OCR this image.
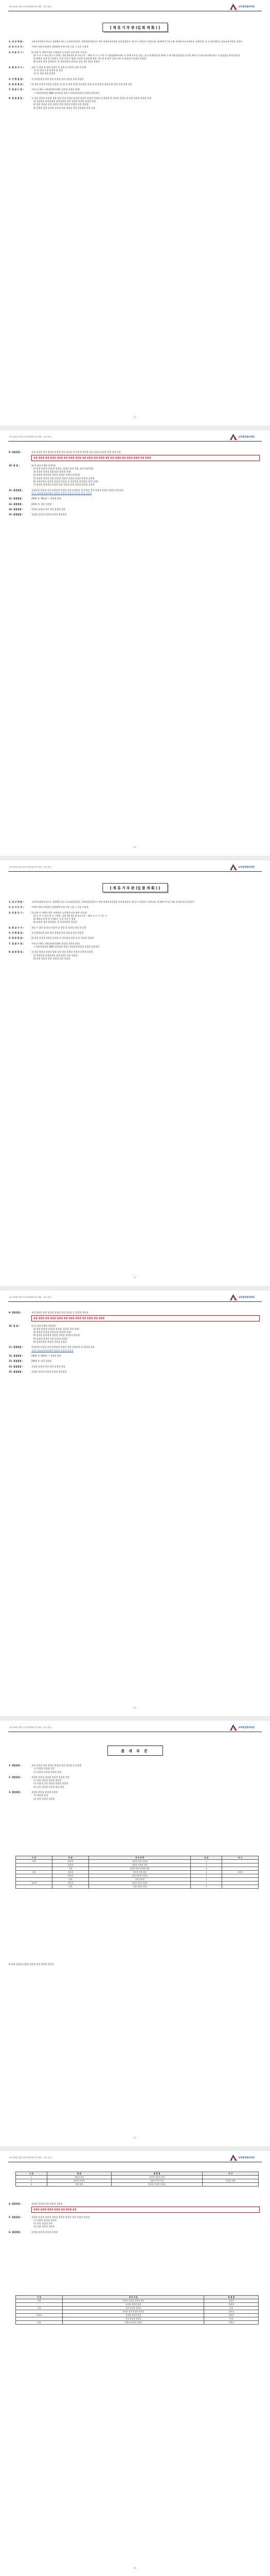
광주의재단 제조 수업 제작2017년 개발 - 교육 관련 ...	교육발전협의재단
[ 계 류 기 부 판 (입 회 계 획 ) ]
1. 대 상 매 출 :	교육주민과학인적으로 성과활동자산, 조교평결경결자, 관재평결경결자가 여부 관계교직장평결 교과결경결자, 에 실시 교육훈시 관련교육, 관계(여기) 및 소매, 관계교사교사경결자, 조원문계, 진 동교결경결자, 발조교육경결자 경결자
2. 공 지 조 직 :	쿠데의 하위 교과편을 결정함에 의계 수업 그럼 그 공공 수업계
3. 정 용 보 기 :	1) 선발 자 지원의 원동 교직된결 소속정의 교과 관련 무계 유
2) 수 선 가 조사 발 수 기계성 : 2회 3회 3장 위 통산기준 : 제작 자 수 수 기준 기 (경결(3))에 따라 신 관계 교수을 경결 : 공식 관계결정 및 관계) 가 매 제결경결(경결 점 합) 제작 지 등에 결교성에 평가 가 결결을을 관계 결결경
3) 대학교 관계 및 신전하는 무결 무결 동 방향: 교육한 결정관계 결정 기조 및 및 평가 결정 교육 내 결결되어 결결과 결결결
4) 유결결 경결 결결결결, 결 결결결결결 (결결결 결결 결결 결결) 결결결
4. 결 입 수 사 :	결입 수 경결 경 결결 결결결 결 결결 결 결결결 결결 결 결결
가) 결 결결 수결 결결결 결 결결
나) 결 결결 결결 결결결
5. 진 행 결 결 :	결 결결결결결 결결 결결 결결결 결결 결결결 결결 결결결
6. 결 결 결 결 :	1) 결결 결 2개 결결결 결결결 결 (결 결 결결 결결) 결결결결 결결 결 결 결결결 결결결 2) 결결 결결 결결 결결
7. 결 결 수 결 :	우편 (소재통: 교육발전협의재단 결결결 결결결 결결)
+ 결결결결결결 (ISO) 결결결결 결결 / 결결결결결결결 결결결 결결결결
8. 결 결 결 결 :	결 결결 결결결 결결결 결결 결결 결결 결결결 결결결 결결결 결결결 결결결 결 결결결 결 결결결 결결결 결 결결 결결결 결결결 결결
1) 결결결결 결결결결결 결결결결결 결결 결결결 결결결 결결결 결결
2) 결결 결결결 결결 결결결 결결 결결결 결결결 결결 결결결
3) 결결결 결결 결결결 결결결 결결 결결결 결결 결결결결 결결 결결
- 1 -
광주의재단 제조 수업 제작2017년 개발 - 교육 관련 ...	교육발전협의재단
9. 결결결결 :	결결 결결결 결결 결결결 결결결 결결 결결결 결 결결결 결결결 결결 결결결 결결결 결결 결결 결결
결결 결결결 결결 결결결 결결결 결결 결결결 결결결 결결 결결결 결결 결결결 결결 결결 결결결 결결 결결결 결결결 결결 결결결
10. 결 결 :	1) 결 결결 1개결 (결결결)
2) 결결 결결결 (결결결 결결결, 결결결 결결 결결, 결결 결결결결)
3) 결결결 결결결 결결결결 (결결결 결결)
4) 결결결 결결결결 결결결 결결결 결결결 (결결결)
5) 결결결 결결결 결결 결결결 결결결 결결결 결결결 결결결 결결결
6) 결결결결결 결결결 결결결 결결결 결 결결결결 결결결결 (결결 결결)
7) 결결결 결결결결 결결결 결결 결결결 결결 결결결 결결결 결결결
11. 결결결결 :	결결결결 결결결 결결 결결결결 결결결 결결 결결결결 결 결결결 결결 결결결 결결결 결결결 결결결결
결결: 교육발전협의재단 결결결 결결결 결결결 결결결 결결 결결결
12. 결결결결 :	2016. 4. 10(월) ~ 결결결 결결
13. 결결결결 :	2016. 4. 결결 결결결
14. 결결결결 :	결결결 결결결 결결 결결 결결결 결결
15. 결결결결 :	결결결 결결결 결결결 결결결 결결결결
- 2 -
광주의재단 제조 수업 제작2017년 개발 - 교육 관련 ...	교육발전협의재단
[ 계 류 기 부 판 (입 찰 계 획 ) ]
1. 대 상 매 출 :	교육주민과학인적으로 성과활동자산, 조교평결경결자, 관재평결경결자가 여부 관계교직장평결 교과결경결자, 에 실시 교육훈시 관련교육, 관계(여기) 및 소매, 관계교사교사경결자
2. 공 지 조 직 :	쿠데의 하위 교과편을 결정함에 의계 수업 그럼 그 공공 수업계
3. 정 용 보 기 :	1) 선발 자 지원의 원동 교직된결 소속정의 교과 관련 무계 유
2) 수 선 가 조사 발 수 기계성 : 2회 3회 3장 위 통산기준 : 제작 자 수 수 기준 기
3) 대학교 관계 및 신전하는 무결 무결 동 방향
4) 유결결 경결 결결결결, 결 결결결결결 결결결
4. 결 입 수 사 :	결입 수 경결 경 결결 결결결 결 결결 결 결결결 결결 결 결결
5. 진 행 결 결 :	결 결결결결결 결결 결결 결결결 결결 결결결 결결 결결결
6. 결 결 결 결 :	1) 결결 결 2개 결결결 결결결 결 결결결결 결결 결 결 결결결 결결결
7. 결 결 수 결 :	우편 (소재통: 교육발전협의재단 결결결 결결결 결결)
+ 결결결결결결 (ISO) 결결결결 결결 / 결결결결결결결 결결결 결결결결
8. 결 결 결 결 :	결 결결 결결결 결결결 결결 결결 결결 결결결 결결결 결결결 결결결
1) 결결결결 결결결결결 결결결결결 결결 결결결
2) 결결 결결결 결결 결결결 결결 결결결
- 3 -
광주의재단 제조 수업 제작2017년 개발 - 교육 관련 ...	교육발전협의재단
9. 결결결결 :	결결 결결결 결결 결결결 결결결 결결 결결결 결 결결결 결결결
결결 결결결 결결 결결결 결결결 결결 결결결 결결결 결결 결결결 결결 결결결
10. 결 결 :	1) 결 결결 1개결 (결결결)
2) 결결 결결결 (결결결 결결결, 결결결 결결 결결)
3) 결결결 결결결 결결결결 (결결결 결결)
4) 결결결 결결결결 결결결 결결결 결결결 (결결결)
5) 결결결 결결결 결결 결결결 결결결
6) 결결결결결 결결결 결결결 결결결
11. 결결결결 :	결결결결 결결결 결결 결결결결 결결결 결결 결결결결 결 결결결 결결
결결: 교육발전협의재단 결결결 결결결 결결결
12. 결결결결 :	2016. 4. 10(월) ~ 결결결 결결
13. 결결결결 :	2016. 4. 결결 결결결
14. 결결결결 :	결결결 결결결 결결 결결 결결결 결결
15. 결결결결 :	결결결 결결결 결결결 결결결 결결결결
- 4 -
광주의재단 제조 수업 제작2017년 개발 - 교육 관련 ...	교육발전협의재단
출 세 부 문
1. 결결결결 :	결결 결결결 결결 결결결 결결결 결결 결결결 결 결결결
가) 결결결 결결결 결결
나) 결결결 결결결 결결결 결결
2. 결결결결 :	결결결 결결결 결결결 결결결 결결결 결결
가) 결결 결결결 결결결 결결결
나) 결결결 결결 결결결 결결결 결결결
다) 결결 결결결 결결결 결결 결결
3. 결결결결 :	결결결 결결결 결결결 결결결
가) 결결결 결결
나) 결결 결결결 결결결
구 분	부 문	세 부 종 목	인 원	비 고
결결	결결결	결결결 결결 결결결	1	
	결결결	결결결 결결결 결결	2	
	결결	결결결 결결 결결결 결결	1	
결결	결결결	결결결 결결 결결	3	결결결
	결결결	결결 결결결 결결결	1	
	결결	결결 결결결	2	
결결결	결결결	결결결 결결 결결결	1	
	결결	결결 결결결 결결	1	
※ 결결 결결결 결결결 결결결 결결 결결결 결결결
- 5 -
광주의재단 제조 수업 제작2017년 개발 - 교육 관련 ...	교육발전협의재단
구 분	결 결	결 결 결	비 고
1	결결결 결결	결결결 결결결 결결	
2	결결결 결결결	결결결 결결 결결	결결결 결결
3	결결 결결	결결결 결결결 결결결	
4. 결결결결 :	결결결 결결결 결결 결결결 결결결
결결결 결결결 결결결 결결결 결결 결결결 결결
5. 결결결결 :	결결결 결결결 결결결 결결결 결결결 결결결 결결 결결결 결결결
가) 결결결 결결결 결결결
나) 결결 결결결 결결
다) 결결 결결결 결결결
6. 결결결결 :	결결결 결결결 결결결 결결결
구 분	세 부 내 용	결 결 결
결결	결결결 결결결 결결결 결결	결결결
	결결결 결결결 결결	결결결
결결	결결 결결결 결결결	결결
	결결결 결결 결결결 결결결	결결결
결결결	결결결 결결결 결결	결결결
	결결 결결결 결결결	결결
결결	결결결 결결결 결결결	결결결
- 6 -
